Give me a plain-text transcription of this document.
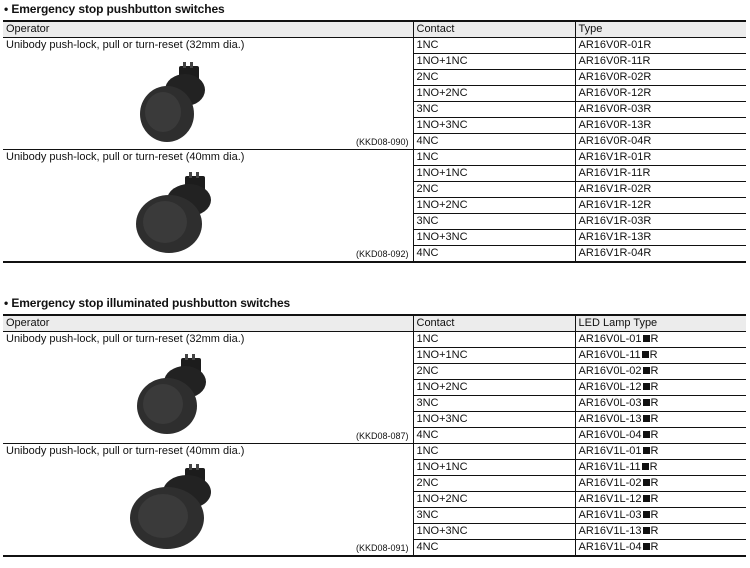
• Emergency stop pushbutton switches
Operator	Contact	Type

Unibody push-lock, pull or turn-reset (32mm dia.)
(KKD08-090)	1NC	AR16V0R-01R
	1NO+1NC	AR16V0R-11R
	2NC	AR16V0R-02R
	1NO+2NC	AR16V0R-12R
	3NC	AR16V0R-03R
	1NO+3NC	AR16V0R-13R
	4NC	AR16V0R-04R

Unibody push-lock, pull or turn-reset (40mm dia.)
(KKD08-092)	1NC	AR16V1R-01R
	1NO+1NC	AR16V1R-11R
	2NC	AR16V1R-02R
	1NO+2NC	AR16V1R-12R
	3NC	AR16V1R-03R
	1NO+3NC	AR16V1R-13R
	4NC	AR16V1R-04R
• Emergency stop illuminated pushbutton switches
Operator	Contact	LED Lamp Type

Unibody push-lock, pull or turn-reset (32mm dia.)
(KKD08-087)	1NC	AR16V0L-01 R
	1NO+1NC	AR16V0L-11 R
	2NC	AR16V0L-02 R
	1NO+2NC	AR16V0L-12 R
	3NC	AR16V0L-03 R
	1NO+3NC	AR16V0L-13 R
	4NC	AR16V0L-04 R

Unibody push-lock, pull or turn-reset (40mm dia.)
(KKD08-091)	1NC	AR16V1L-01 R
	1NO+1NC	AR16V1L-11 R
	2NC	AR16V1L-02 R
	1NO+2NC	AR16V1L-12 R
	3NC	AR16V1L-03 R
	1NO+3NC	AR16V1L-13 R
	4NC	AR16V1L-04 R
